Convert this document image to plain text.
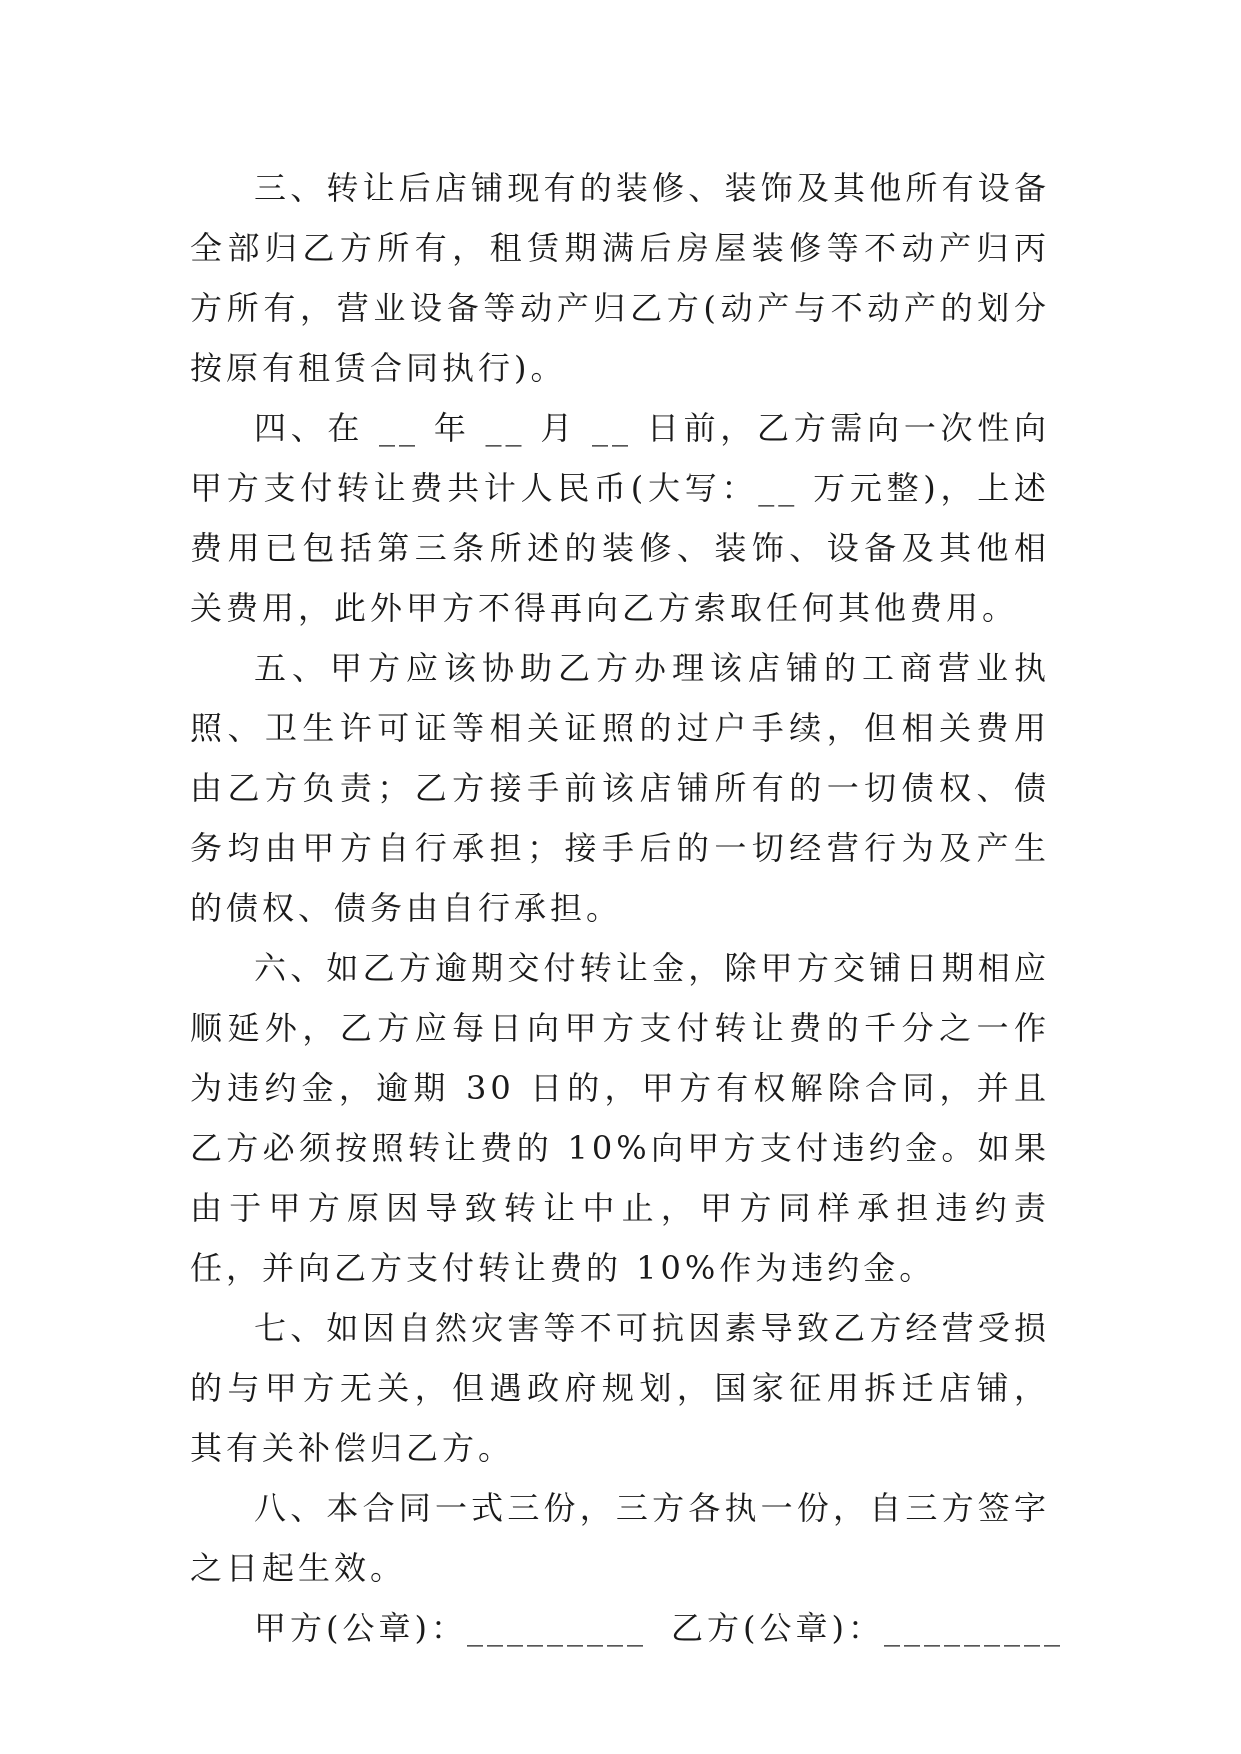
三、转让后店铺现有的装修、装饰及其他所有设备全部归乙方所有，租赁期满后房屋装修等不动产归丙方所有，营业设备等动产归乙方(动产与不动产的划分按原有租赁合同执行)。

四、在 __ 年 __ 月 __ 日前，乙方需向一次性向甲方支付转让费共计人民币(大写：__ 万元整)，上述费用已包括第三条所述的装修、装饰、设备及其他相关费用，此外甲方不得再向乙方索取任何其他费用。

五、甲方应该协助乙方办理该店铺的工商营业执照、卫生许可证等相关证照的过户手续，但相关费用由乙方负责；乙方接手前该店铺所有的一切债权、债务均由甲方自行承担；接手后的一切经营行为及产生的债权、债务由自行承担。

六、如乙方逾期交付转让金，除甲方交铺日期相应顺延外，乙方应每日向甲方支付转让费的千分之一作为违约金，逾期 30 日的，甲方有权解除合同，并且乙方必须按照转让费的 10%向甲方支付违约金。如果由于甲方原因导致转让中止，甲方同样承担违约责任，并向乙方支付转让费的 10%作为违约金。

七、如因自然灾害等不可抗因素导致乙方经营受损的与甲方无关，但遇政府规划，国家征用拆迁店铺，其有关补偿归乙方。

八、本合同一式三份，三方各执一份，自三方签字之日起生效。

甲方(公章)：_________ 乙方(公章)：_________
